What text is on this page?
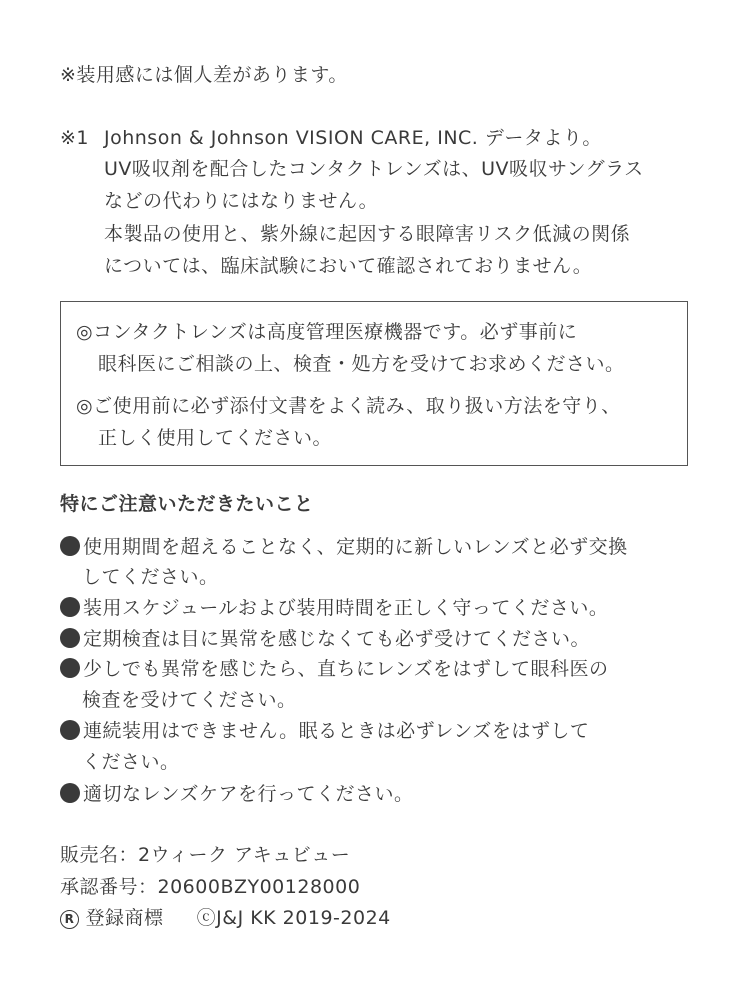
※装用感には個人差があります。
※1 Johnson & Johnson VISION CARE, INC. データより。
UV吸収剤を配合したコンタクトレンズは、UV吸収サングラス
などの代わりにはなりません。
本製品の使用と、紫外線に起因する眼障害リスク低減の関係
については、臨床試験において確認されておりません。
◎コンタクトレンズは高度管理医療機器です。必ず事前に
眼科医にご相談の上、検査・処方を受けてお求めください。
◎ご使用前に必ず添付文書をよく読み、取り扱い方法を守り、
正しく使用してください。
特にご注意いただきたいこと
使用期間を超えることなく、定期的に新しいレンズと必ず交換
してください。
装用スケジュールおよび装用時間を正しく守ってください。
定期検査は目に異常を感じなくても必ず受けてください。
少しでも異常を感じたら、直ちにレンズをはずして眼科医の
検査を受けてください。
連続装用はできません。眠るときは必ずレンズをはずして
ください。
適切なレンズケアを行ってください。
販売名：2ウィーク アキュビュー
承認番号：20600BZY00128000
R 登録商標 ⓒJ&J KK 2019-2024
